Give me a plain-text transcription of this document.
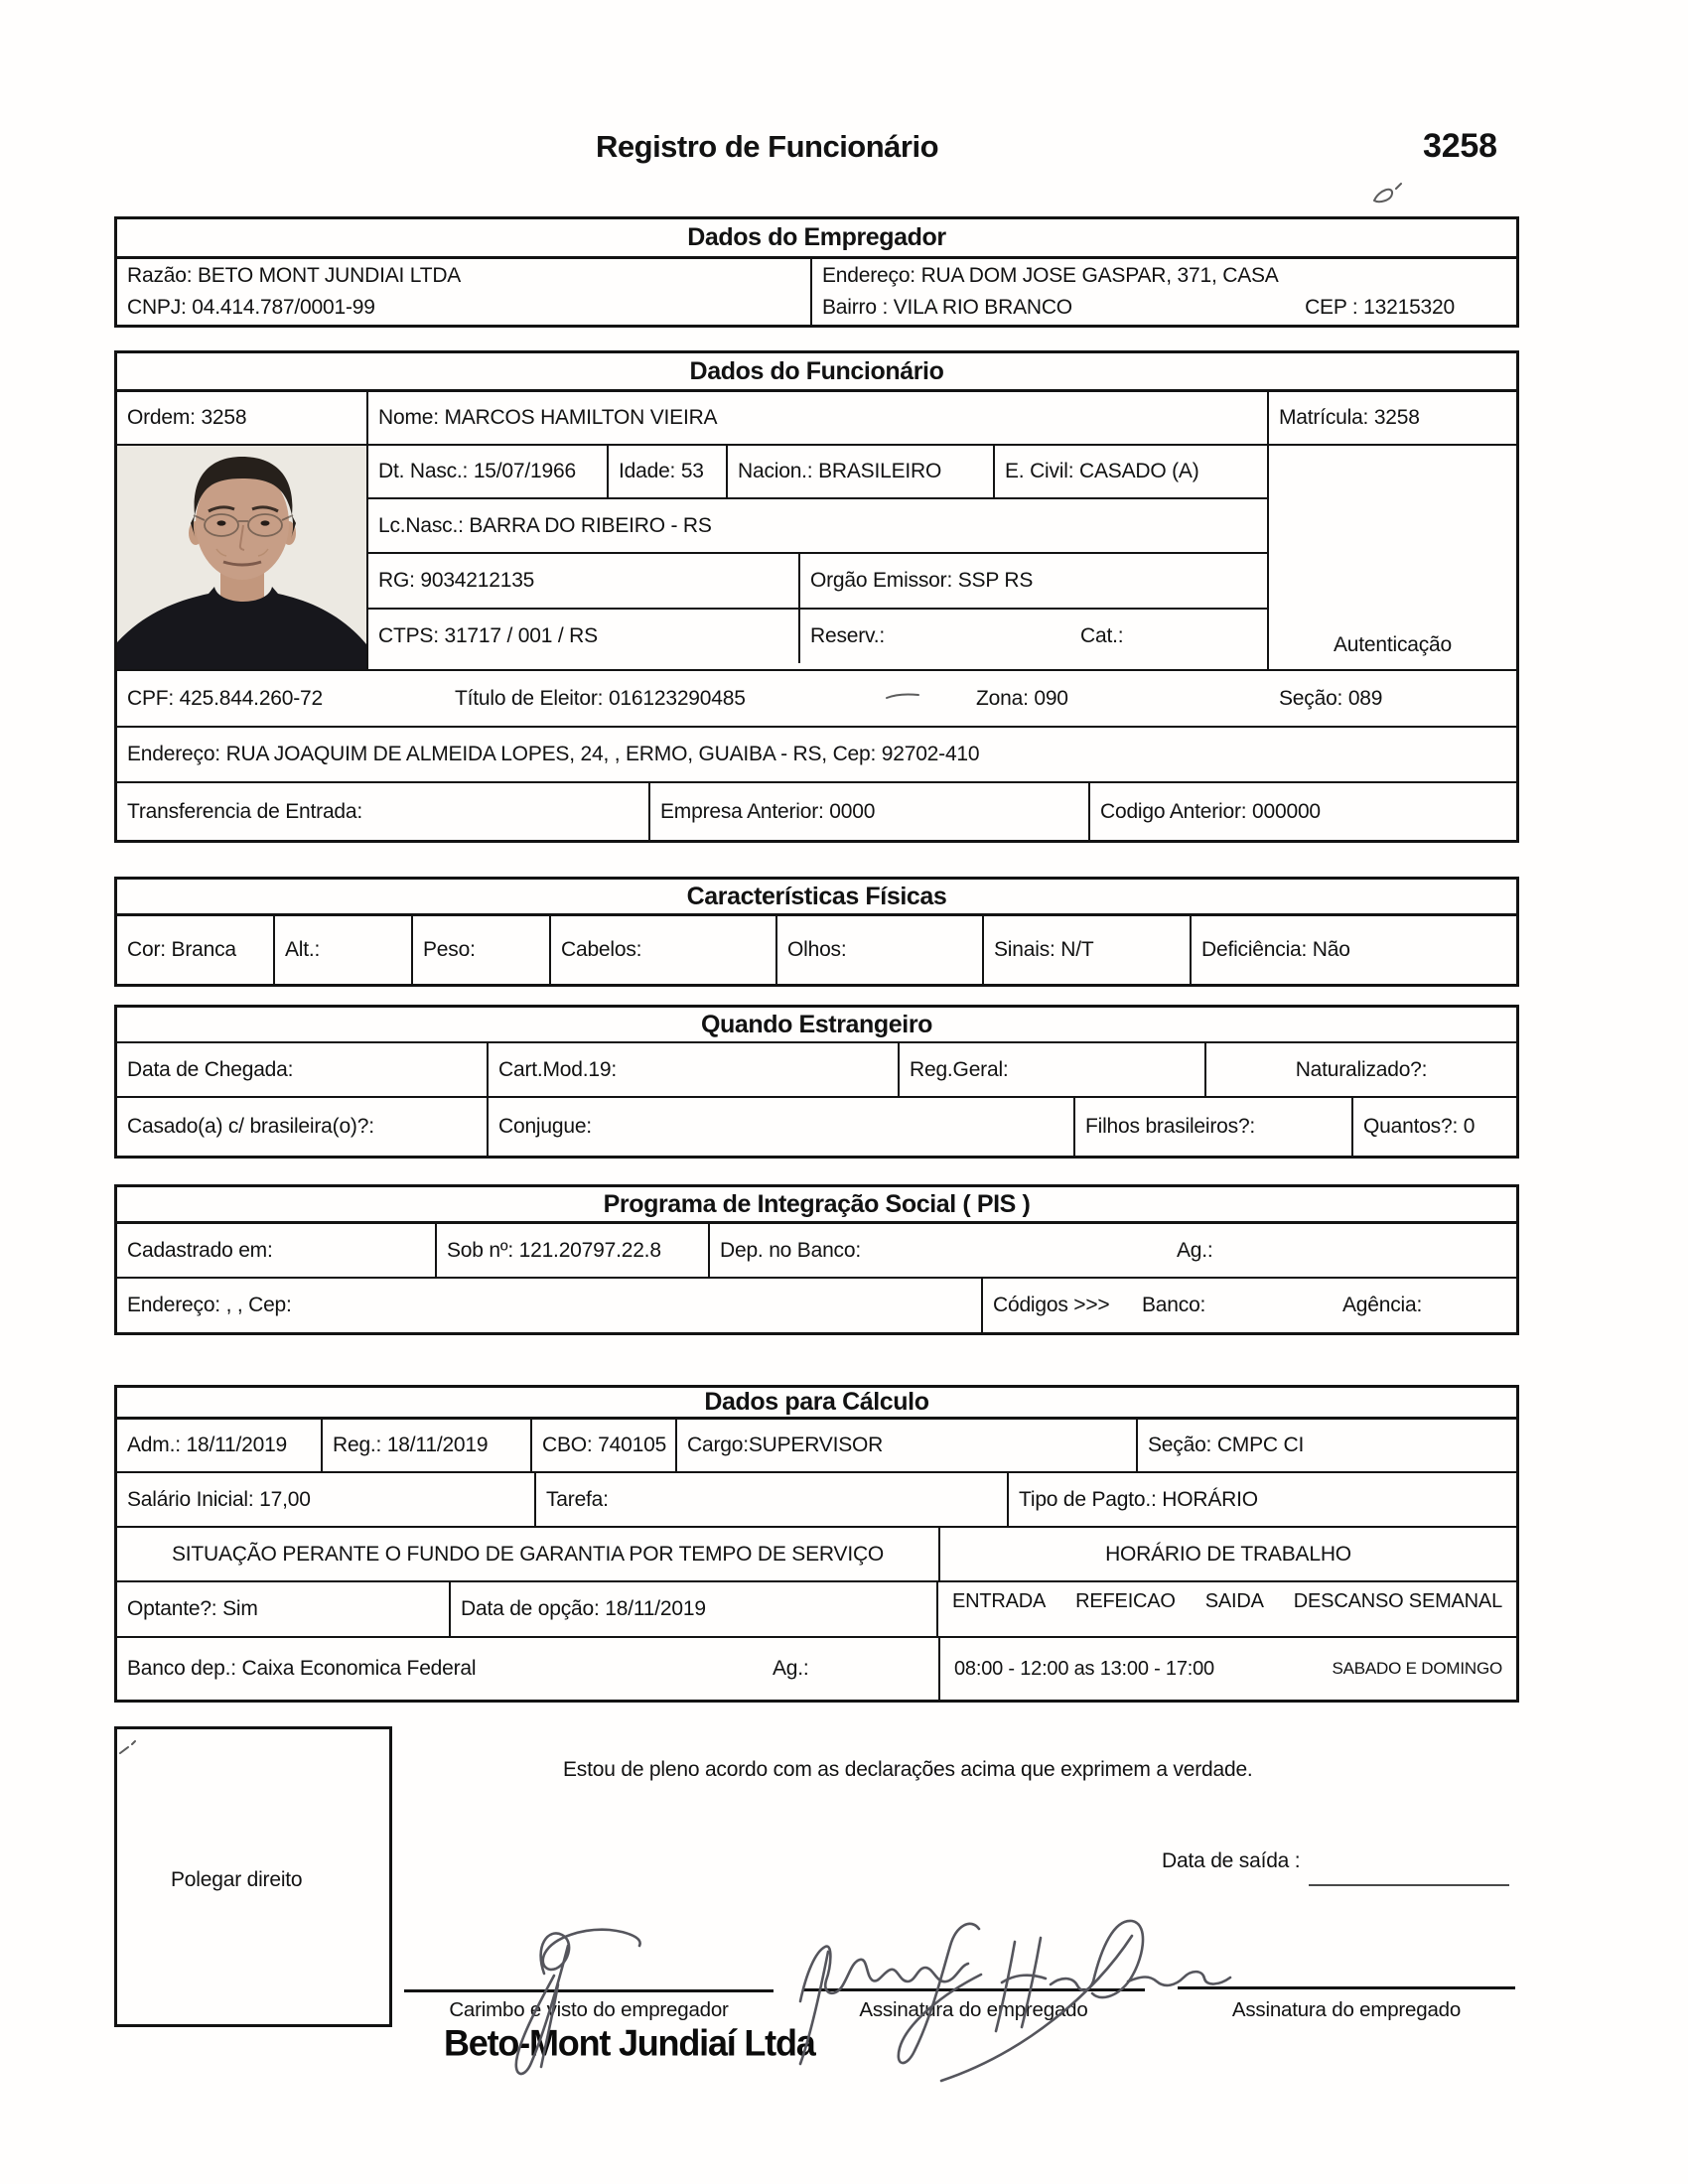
Registro de Funcionário	3258
Dados do Empregador
Razão: BETO MONT JUNDIAI LTDA
CNPJ: 04.414.787/0001-99
Endereço: RUA DOM JOSE GASPAR, 371, CASA
Bairro : VILA RIO BRANCO	CEP : 13215320
Dados do Funcionário
Ordem: 3258	Nome: MARCOS HAMILTON VIEIRA	Matrícula: 3258
Dt. Nasc.: 15/07/1966	Idade: 53	Nacion.: BRASILEIRO	E. Civil: CASADO (A)
Lc.Nasc.: BARRA DO RIBEIRO - RS
RG: 9034212135	Orgão Emissor: SSP RS
CTPS: 31717 / 001 / RS	Reserv.:	Cat.:	Autenticação
CPF: 425.844.260-72	Título de Eleitor: 016123290485	Zona: 090	Seção: 089
Endereço: RUA JOAQUIM DE ALMEIDA LOPES, 24, , ERMO, GUAIBA - RS, Cep: 92702-410
Transferencia de Entrada:	Empresa Anterior: 0000	Codigo Anterior: 000000
Características Físicas
Cor: Branca	Alt.:	Peso:	Cabelos:	Olhos:	Sinais: N/T	Deficiência: Não
Quando Estrangeiro
Data de Chegada:	Cart.Mod.19:	Reg.Geral:	Naturalizado?:
Casado(a) c/ brasileira(o)?:	Conjugue:	Filhos brasileiros?:	Quantos?: 0
Programa de Integração Social ( PIS )
Cadastrado em:	Sob nº: 121.20797.22.8	Dep. no Banco:	Ag.:
Endereço: , , Cep:	Códigos >>> Banco:	Agência:
Dados para Cálculo
Adm.: 18/11/2019	Reg.: 18/11/2019	CBO: 740105 Cargo:SUPERVISOR	Seção: CMPC CI
Salário Inicial: 17,00	Tarefa:	Tipo de Pagto.: HORÁRIO
SITUAÇÃO PERANTE O FUNDO DE GARANTIA POR TEMPO DE SERVIÇO	HORÁRIO DE TRABALHO
Optante?: Sim	Data de opção: 18/11/2019	ENTRADA REFEICAO SAIDA DESCANSO SEMANAL
Banco dep.: Caixa Economica Federal	Ag.:	08:00 - 12:00 as 13:00 - 17:00	SABADO E DOMINGO
Polegar direito
Estou de pleno acordo com as declarações acima que exprimem a verdade.
Data de saída :
Carimbo e visto do empregador	Assinatura do empregado	Assinatura do empregado
Beto-Mont Jundiaí Ltda
